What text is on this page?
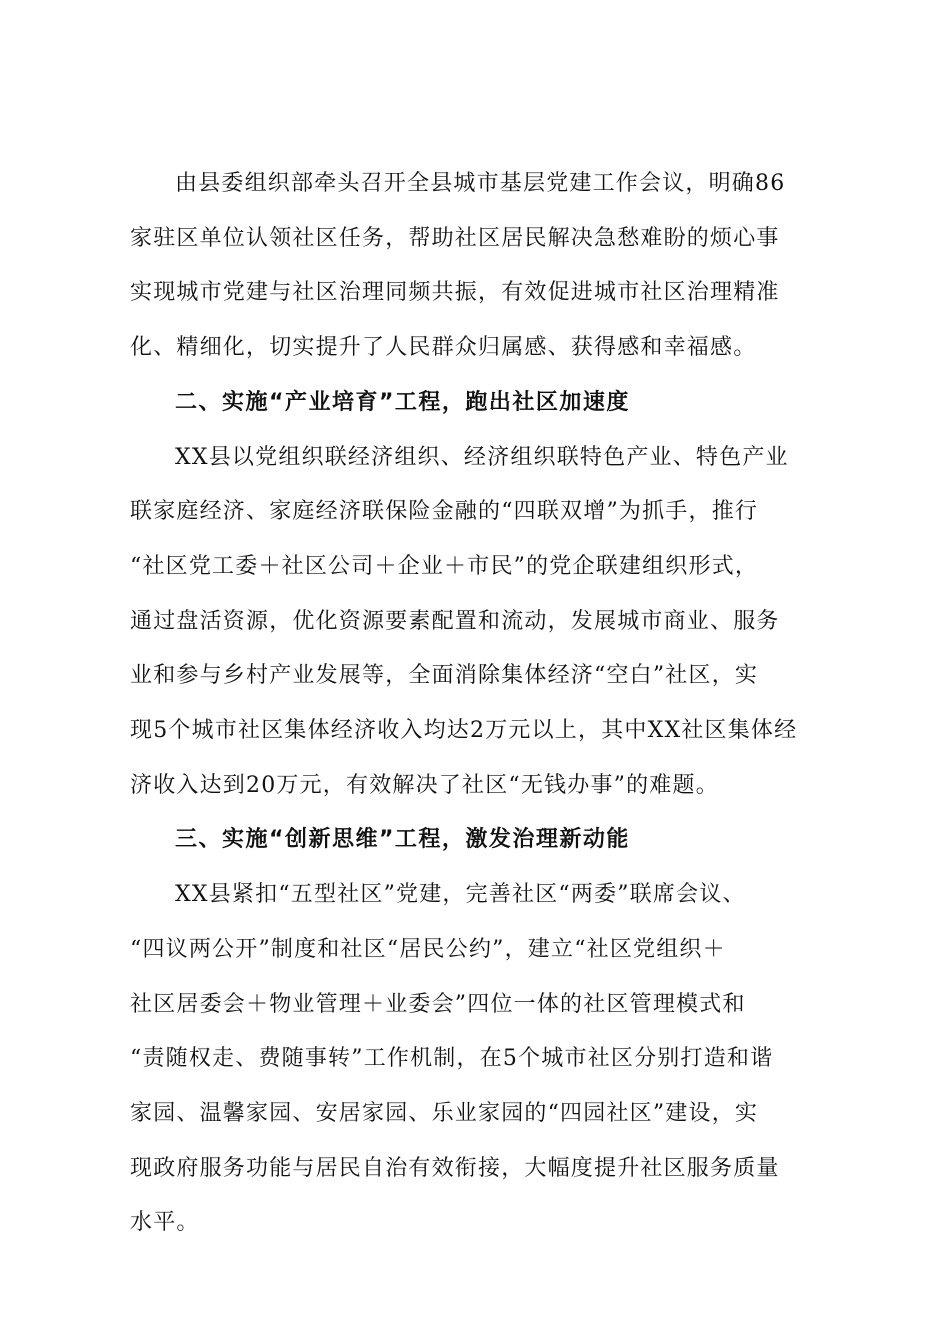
由县委组织部牵头召开全县城市基层党建工作会议，明确86
家驻区单位认领社区任务，帮助社区居民解决急愁难盼的烦心事
实现城市党建与社区治理同频共振，有效促进城市社区治理精准
化、精细化，切实提升了人民群众归属感、获得感和幸福感。
二、实施“产业培育”工程，跑出社区加速度
XX县以党组织联经济组织、经济组织联特色产业、特色产业
联家庭经济、家庭经济联保险金融的“四联双增”为抓手，推行
“社区党工委＋社区公司＋企业＋市民”的党企联建组织形式，
通过盘活资源，优化资源要素配置和流动，发展城市商业、服务
业和参与乡村产业发展等，全面消除集体经济“空白”社区，实
现5个城市社区集体经济收入均达2万元以上，其中XX社区集体经
济收入达到20万元，有效解决了社区“无钱办事”的难题。
三、实施“创新思维”工程，激发治理新动能
XX县紧扣“五型社区”党建，完善社区“两委”联席会议、
“四议两公开”制度和社区“居民公约”，建立“社区党组织＋
社区居委会＋物业管理＋业委会”四位一体的社区管理模式和
“责随权走、费随事转”工作机制，在5个城市社区分别打造和谐
家园、温馨家园、安居家园、乐业家园的“四园社区”建设，实
现政府服务功能与居民自治有效衔接，大幅度提升社区服务质量
水平。
